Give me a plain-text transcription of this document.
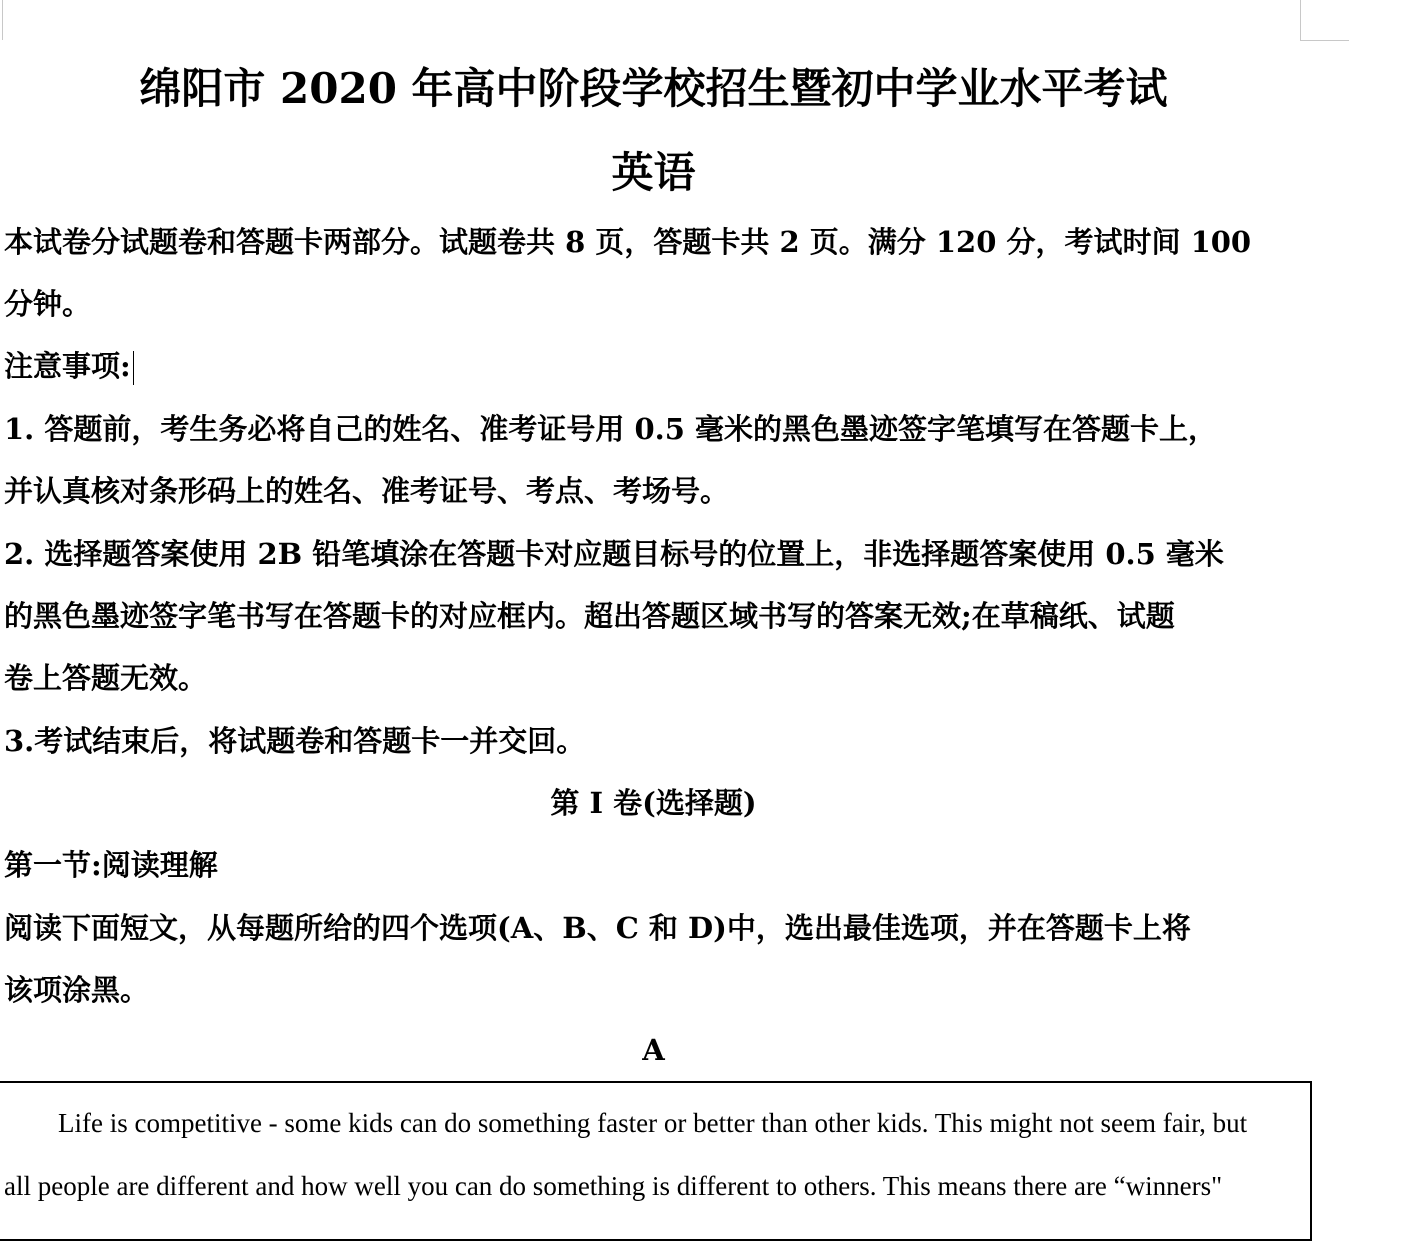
绵阳市 2020 年高中阶段学校招生暨初中学业水平考试
英语
本试卷分试题卷和答题卡两部分。试题卷共 8 页，答题卡共 2 页。满分 120 分，考试时间 100
分钟。
注意事项:
1. 答题前，考生务必将自己的姓名、准考证号用 0.5 毫米的黑色墨迹签字笔填写在答题卡上，
并认真核对条形码上的姓名、准考证号、考点、考场号。
2. 选择题答案使用 2B 铅笔填涂在答题卡对应题目标号的位置上，非选择题答案使用 0.5 毫米
的黑色墨迹签字笔书写在答题卡的对应框内。超出答题区域书写的答案无效;在草稿纸、试题
卷上答题无效。
3.考试结束后，将试题卷和答题卡一并交回。
第 I 卷(选择题)
第一节:阅读理解
阅读下面短文，从每题所给的四个选项(A、B、C 和 D)中，选出最佳选项，并在答题卡上将
该项涂黑。
A
Life is competitive - some kids can do something faster or better than other kids. This might not seem fair, but
all people are different and how well you can do something is different to others. This means there are “winners"
